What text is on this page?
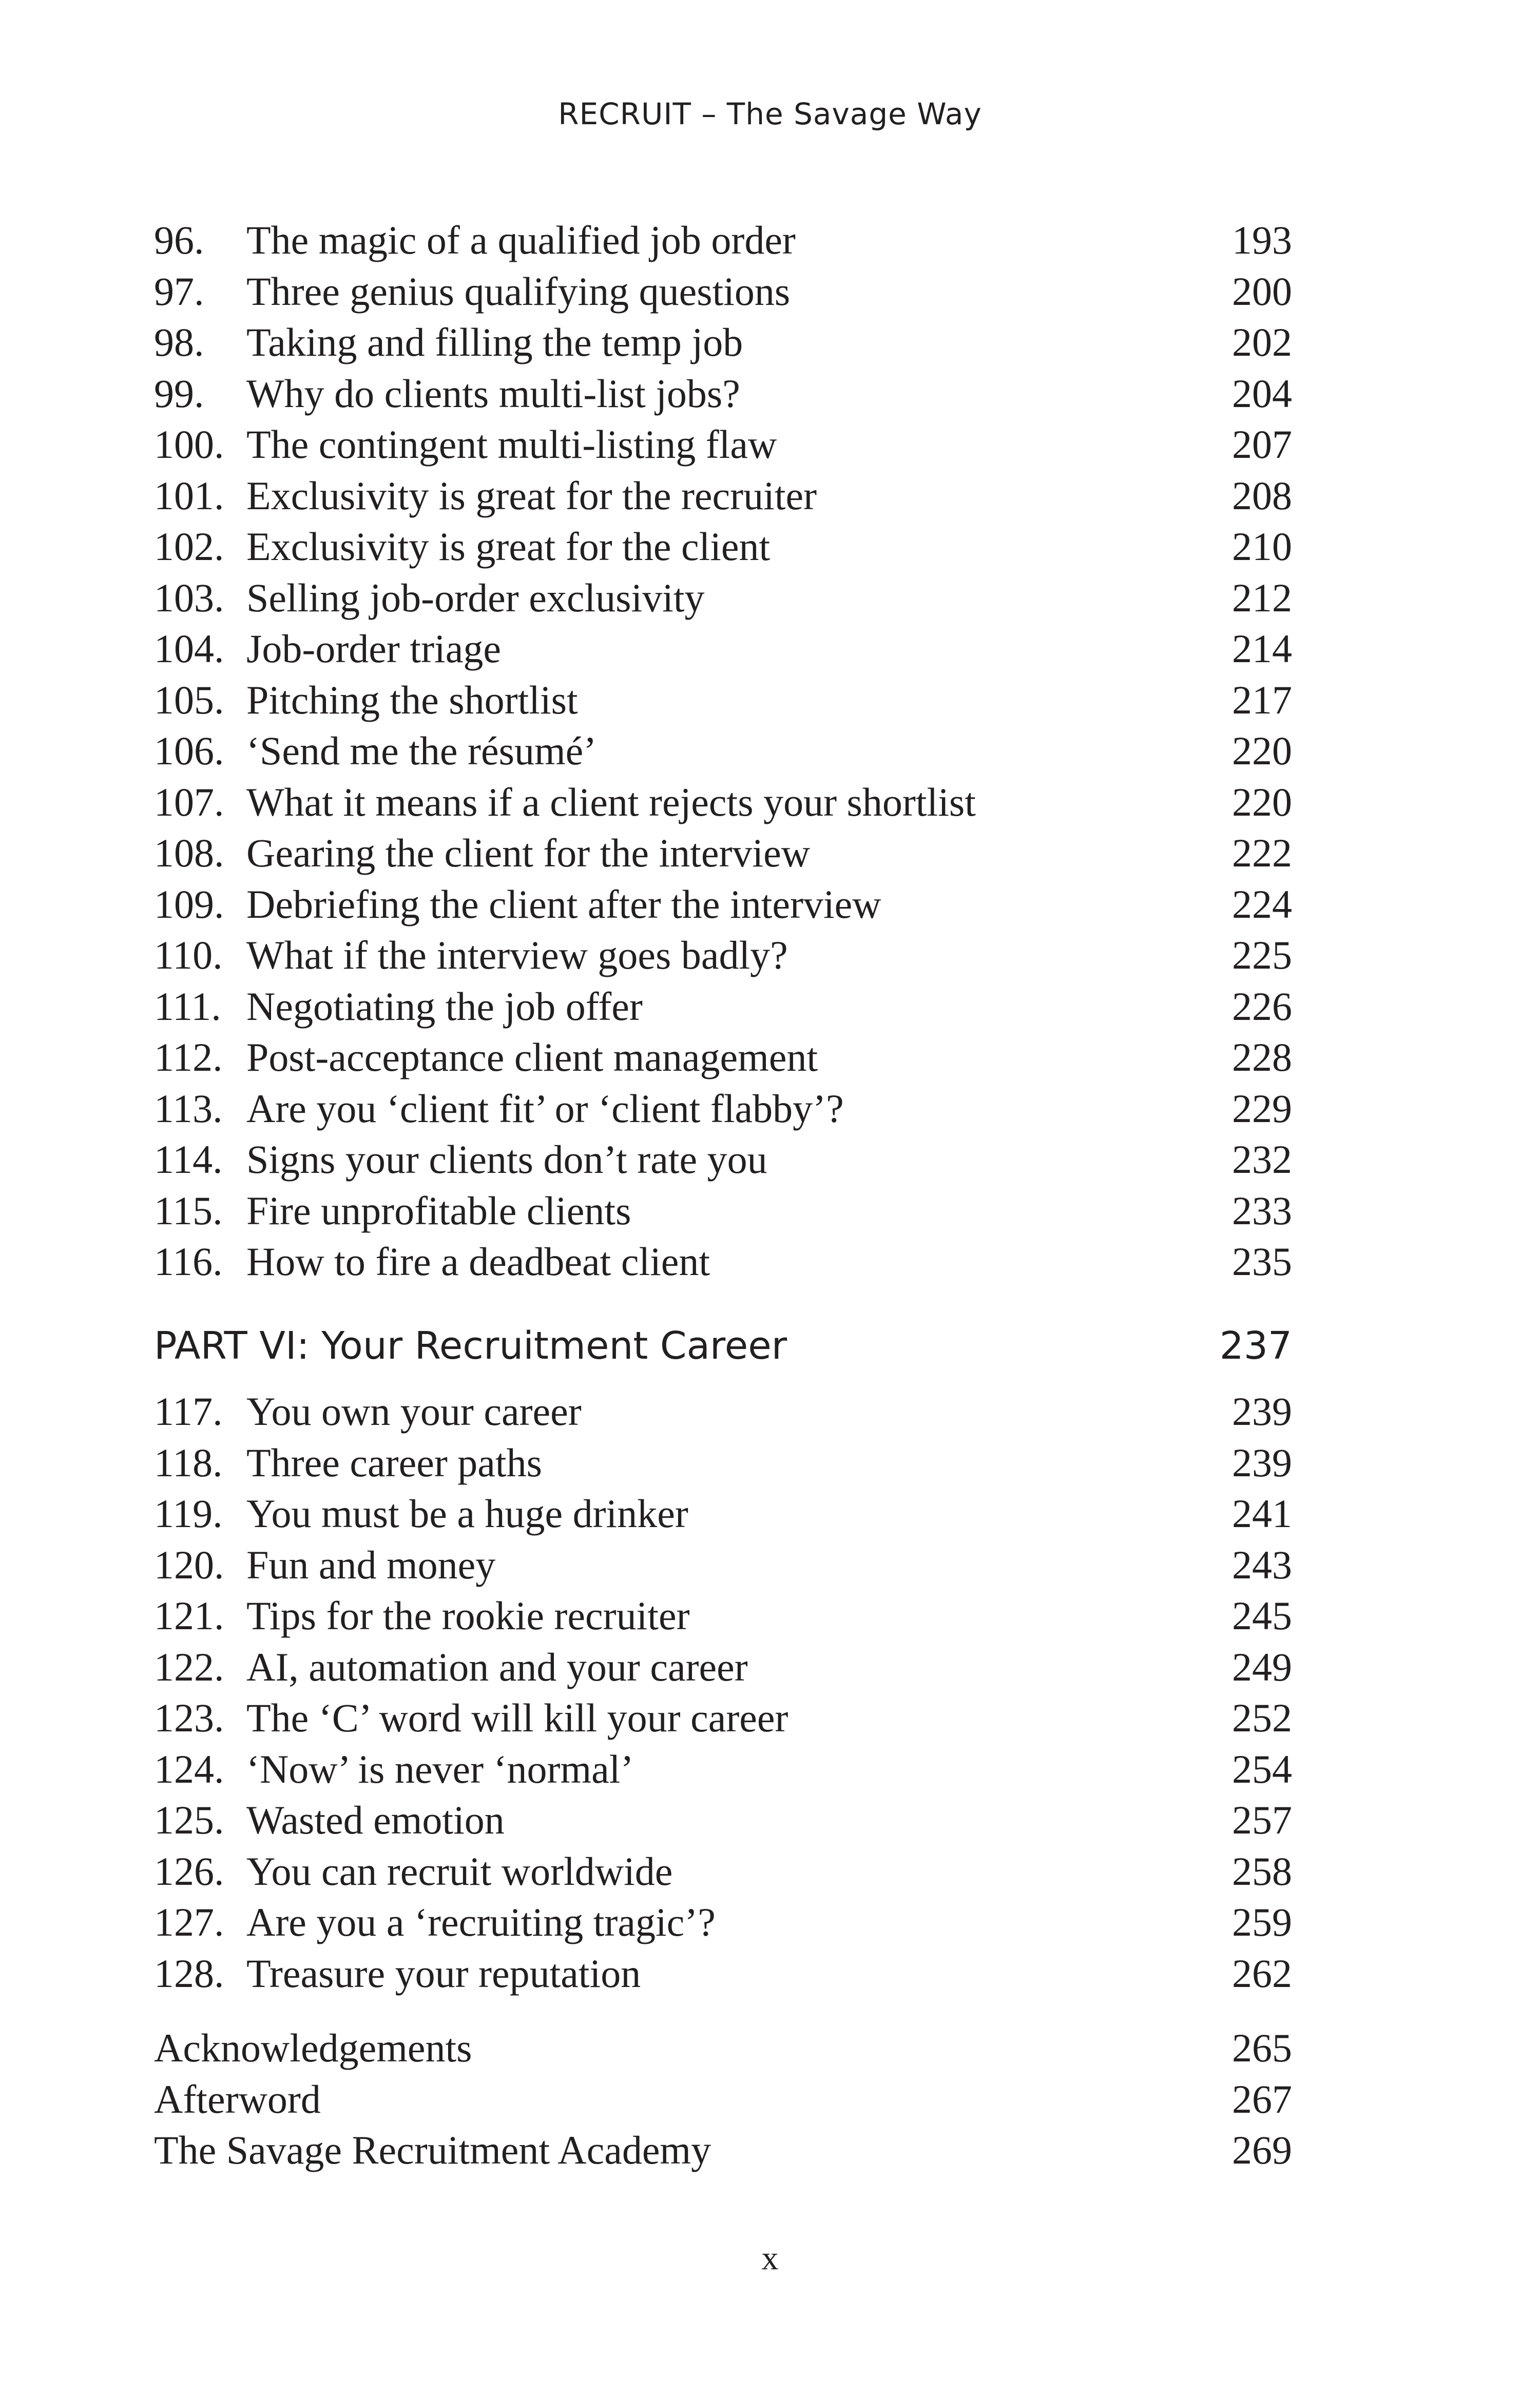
RECRUIT – The Savage Way
96. The magic of a qualified job order	193
97. Three genius qualifying questions	200
98. Taking and filling the temp job	202
99. Why do clients multi-list jobs?	204
100. The contingent multi-listing flaw	207
101. Exclusivity is great for the recruiter	208
102. Exclusivity is great for the client	210
103. Selling job-order exclusivity	212
104. Job-order triage	214
105. Pitching the shortlist	217
106. ‘Send me the résumé’	220
107. What it means if a client rejects your shortlist	220
108. Gearing the client for the interview	222
109. Debriefing the client after the interview	224
110. What if the interview goes badly?	225
111. Negotiating the job offer	226
112. Post-acceptance client management	228
113. Are you ‘client fit’ or ‘client flabby’?	229
114. Signs your clients don’t rate you	232
115. Fire unprofitable clients	233
116. How to fire a deadbeat client	235
PART VI: Your Recruitment Career	237
117. You own your career	239
118. Three career paths	239
119. You must be a huge drinker	241
120. Fun and money	243
121. Tips for the rookie recruiter	245
122. AI, automation and your career	249
123. The ‘C’ word will kill your career	252
124. ‘Now’ is never ‘normal’	254
125. Wasted emotion	257
126. You can recruit worldwide	258
127. Are you a ‘recruiting tragic’?	259
128. Treasure your reputation	262
Acknowledgements	265
Afterword	267
The Savage Recruitment Academy	269
x
